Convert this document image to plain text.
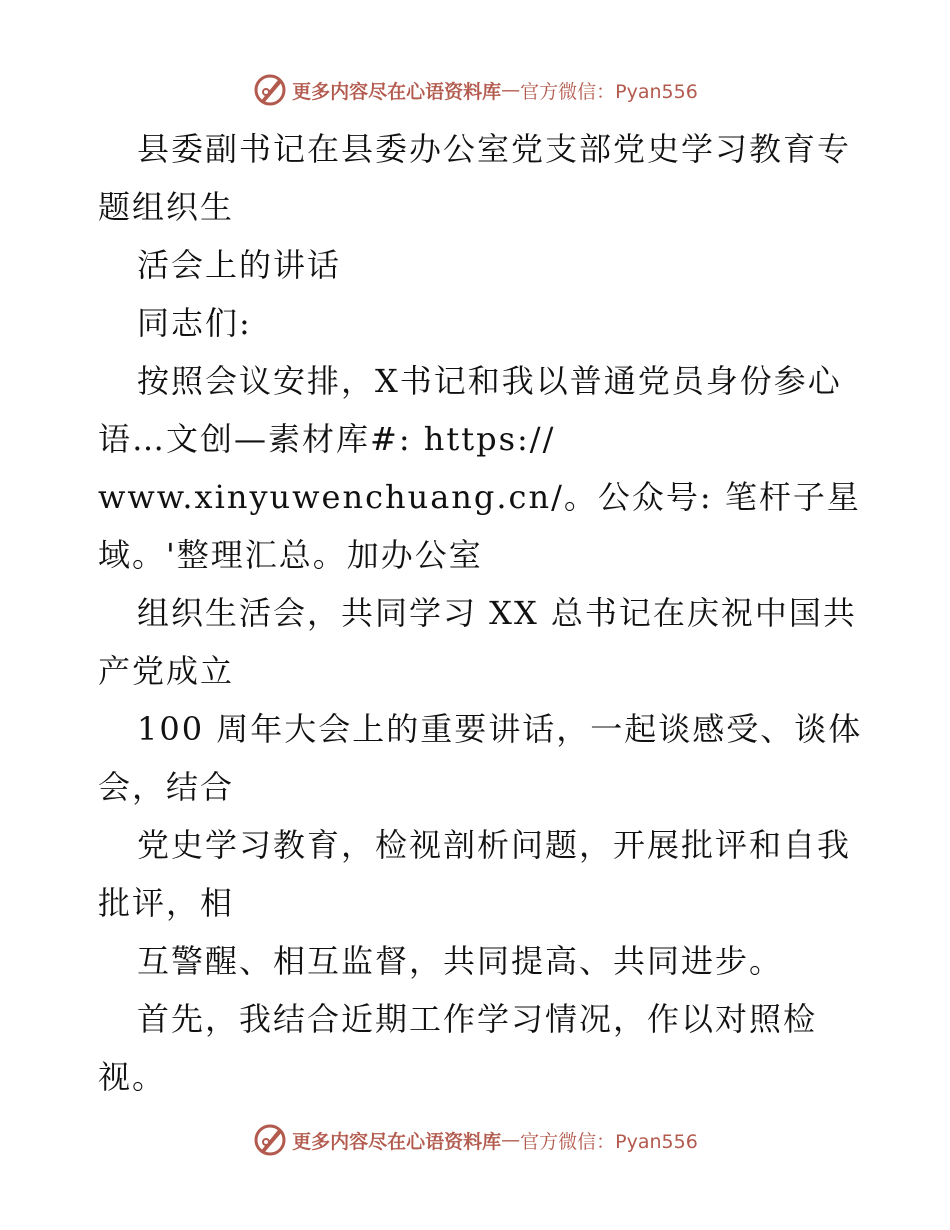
更多内容尽在心语资料库 — 官方微信：Pyan556
县委副书记在县委办公室党支部党史学习教育专
题组织生
活会上的讲话
同志们:
按照会议安排，X书记和我以普通党员身份参心
语…文创—素材库#: https://
www.xinyuwenchuang.cn/。公众号: 笔杆子星
域。'整理汇总。加办公室
组织生活会，共同学习 XX 总书记在庆祝中国共
产党成立
100 周年大会上的重要讲话，一起谈感受、谈体
会，结合
党史学习教育，检视剖析问题，开展批评和自我
批评，相
互警醒、相互监督，共同提高、共同进步。
首先，我结合近期工作学习情况，作以对照检
视。
更多内容尽在心语资料库 — 官方微信：Pyan556
